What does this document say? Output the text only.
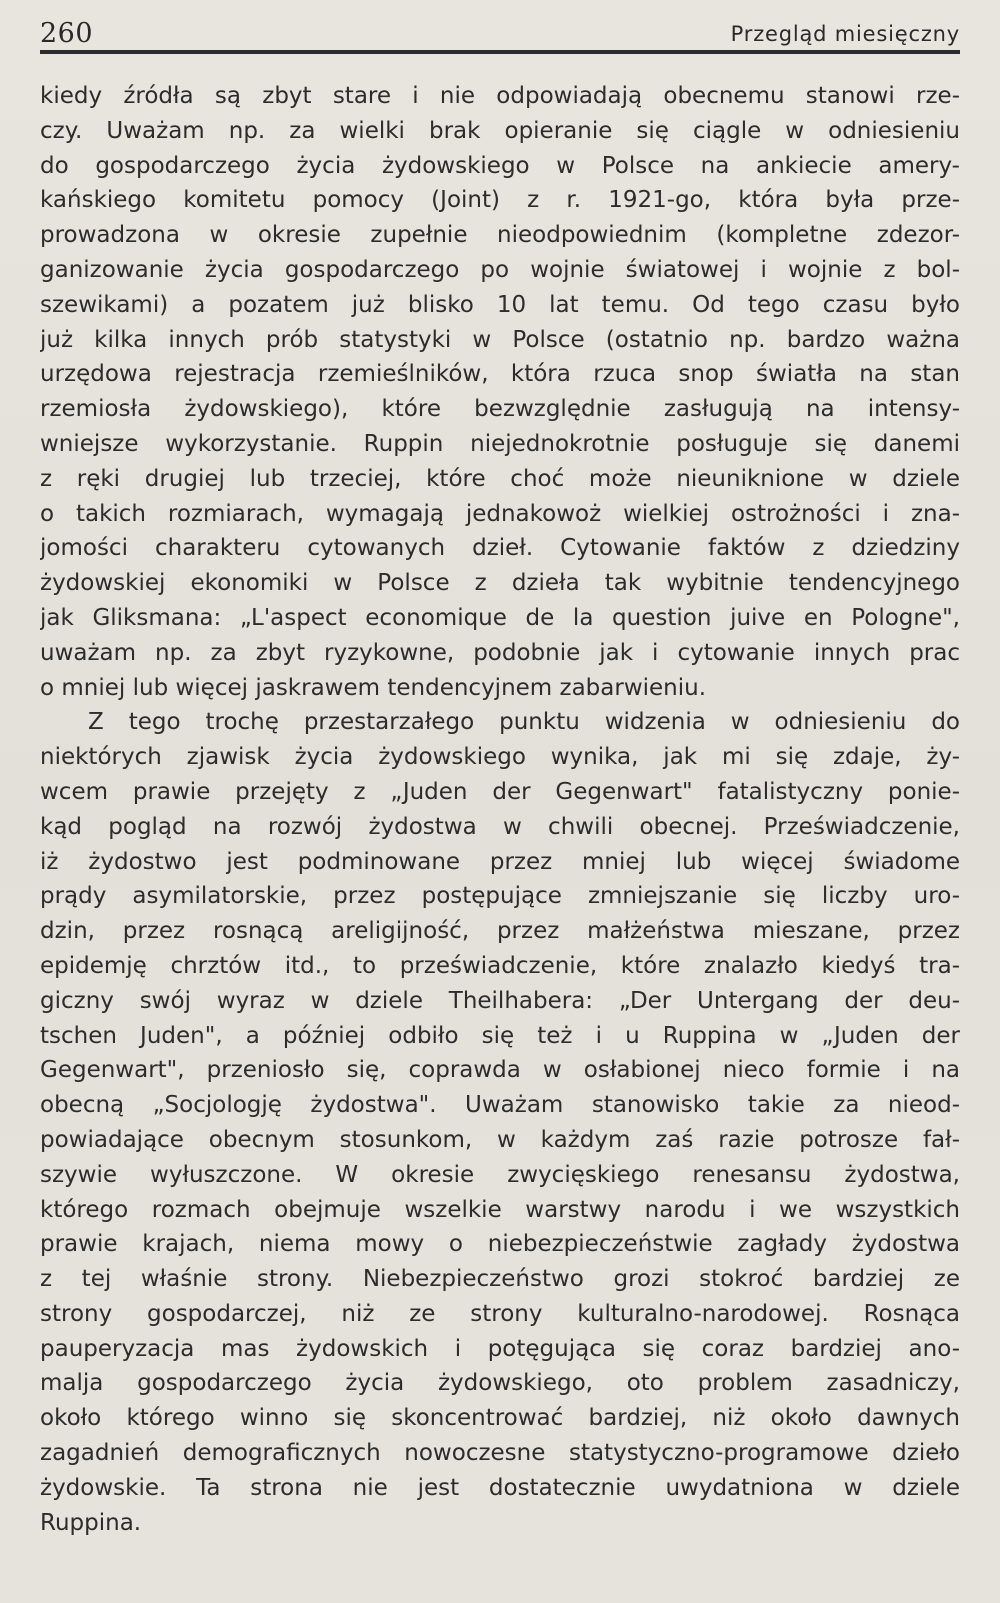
260	Przegląd miesięczny
kiedy źródła są zbyt stare i nie odpowiadają obecnemu stanowi rze-
czy. Uważam np. za wielki brak opieranie się ciągle w odniesieniu
do gospodarczego życia żydowskiego w Polsce na ankiecie amery-
kańskiego komitetu pomocy (Joint) z r. 1921-go, która była prze-
prowadzona w okresie zupełnie nieodpowiednim (kompletne zdezor-
ganizowanie życia gospodarczego po wojnie światowej i wojnie z bol-
szewikami) a pozatem już blisko 10 lat temu. Od tego czasu było
już kilka innych prób statystyki w Polsce (ostatnio np. bardzo ważna
urzędowa rejestracja rzemieślników, która rzuca snop światła na stan
rzemiosła żydowskiego), które bezwzględnie zasługują na intensy-
wniejsze wykorzystanie. Ruppin niejednokrotnie posługuje się danemi
z ręki drugiej lub trzeciej, które choć może nieuniknione w dziele
o takich rozmiarach, wymagają jednakowoż wielkiej ostrożności i zna-
jomości charakteru cytowanych dzieł. Cytowanie faktów z dziedziny
żydowskiej ekonomiki w Polsce z dzieła tak wybitnie tendencyjnego
jak Gliksmana: „L'aspect economique de la question juive en Pologne",
uważam np. za zbyt ryzykowne, podobnie jak i cytowanie innych prac
o mniej lub więcej jaskrawem tendencyjnem zabarwieniu.
Z tego trochę przestarzałego punktu widzenia w odniesieniu do
niektórych zjawisk życia żydowskiego wynika, jak mi się zdaje, ży-
wcem prawie przejęty z „Juden der Gegenwart" fatalistyczny ponie-
kąd pogląd na rozwój żydostwa w chwili obecnej. Przeświadczenie,
iż żydostwo jest podminowane przez mniej lub więcej świadome
prądy asymilatorskie, przez postępujące zmniejszanie się liczby uro-
dzin, przez rosnącą areligijność, przez małżeństwa mieszane, przez
epidemję chrztów itd., to przeświadczenie, które znalazło kiedyś tra-
giczny swój wyraz w dziele Theilhabera: „Der Untergang der deu-
tschen Juden", a później odbiło się też i u Ruppina w „Juden der
Gegenwart", przeniosło się, coprawda w osłabionej nieco formie i na
obecną „Socjologję żydostwa". Uważam stanowisko takie za nieod-
powiadające obecnym stosunkom, w każdym zaś razie potrosze fał-
szywie wyłuszczone. W okresie zwycięskiego renesansu żydostwa,
którego rozmach obejmuje wszelkie warstwy narodu i we wszystkich
prawie krajach, niema mowy o niebezpieczeństwie zagłady żydostwa
z tej właśnie strony. Niebezpieczeństwo grozi stokroć bardziej ze
strony gospodarczej, niż ze strony kulturalno-narodowej. Rosnąca
pauperyzacja mas żydowskich i potęgująca się coraz bardziej ano-
malja gospodarczego życia żydowskiego, oto problem zasadniczy,
około którego winno się skoncentrować bardziej, niż około dawnych
zagadnień demograficznych nowoczesne statystyczno-programowe dzieło
żydowskie. Ta strona nie jest dostatecznie uwydatniona w dziele
Ruppina.
